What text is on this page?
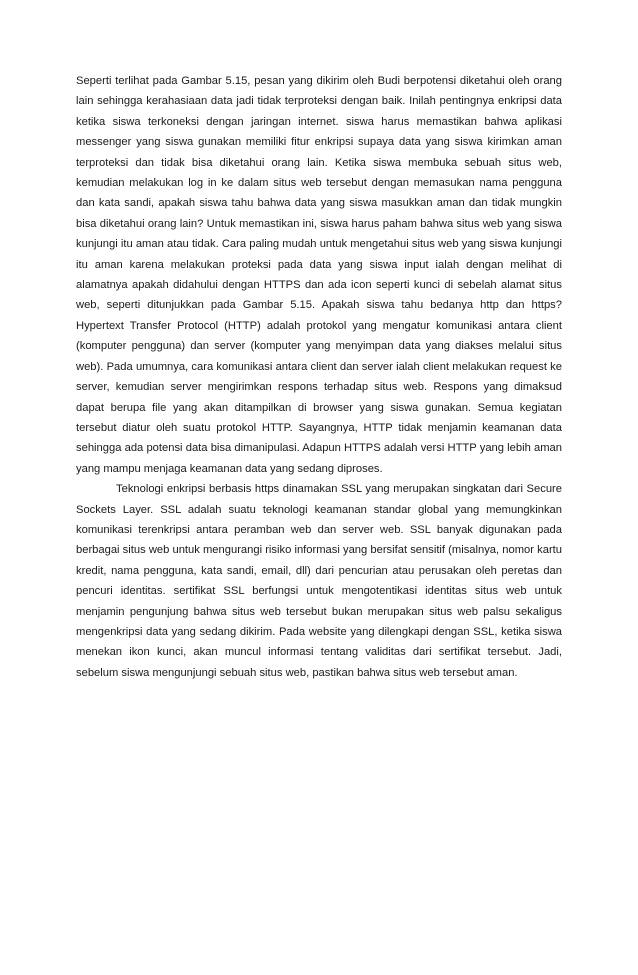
Seperti terlihat pada Gambar 5.15, pesan yang dikirim oleh Budi berpotensi diketahui oleh orang lain sehingga kerahasiaan data jadi tidak terproteksi dengan baik. Inilah pentingnya enkripsi data ketika siswa terkoneksi dengan jaringan internet. siswa harus memastikan bahwa aplikasi messenger yang siswa gunakan memiliki fitur enkripsi supaya data yang siswa kirimkan aman terproteksi dan tidak bisa diketahui orang lain. Ketika siswa membuka sebuah situs web, kemudian melakukan log in ke dalam situs web tersebut dengan memasukan nama pengguna dan kata sandi, apakah siswa tahu bahwa data yang siswa masukkan aman dan tidak mungkin bisa diketahui orang lain? Untuk memastikan ini, siswa harus paham bahwa situs web yang siswa kunjungi itu aman atau tidak. Cara paling mudah untuk mengetahui situs web yang siswa kunjungi itu aman karena melakukan proteksi pada data yang siswa input ialah dengan melihat di alamatnya apakah didahului dengan HTTPS dan ada icon seperti kunci di sebelah alamat situs web, seperti ditunjukkan pada Gambar 5.15. Apakah siswa tahu bedanya http dan https? Hypertext Transfer Protocol (HTTP) adalah protokol yang mengatur komunikasi antara client (komputer pengguna) dan server (komputer yang menyimpan data yang diakses melalui situs web). Pada umumnya, cara komunikasi antara client dan server ialah client melakukan request ke server, kemudian server mengirimkan respons terhadap situs web. Respons yang dimaksud dapat berupa file yang akan ditampilkan di browser yang siswa gunakan. Semua kegiatan tersebut diatur oleh suatu protokol HTTP. Sayangnya, HTTP tidak menjamin keamanan data sehingga ada potensi data bisa dimanipulasi. Adapun HTTPS adalah versi HTTP yang lebih aman yang mampu menjaga keamanan data yang sedang diproses.

Teknologi enkripsi berbasis https dinamakan SSL yang merupakan singkatan dari Secure Sockets Layer. SSL adalah suatu teknologi keamanan standar global yang memungkinkan komunikasi terenkripsi antara peramban web dan server web. SSL banyak digunakan pada berbagai situs web untuk mengurangi risiko informasi yang bersifat sensitif (misalnya, nomor kartu kredit, nama pengguna, kata sandi, email, dll) dari pencurian atau perusakan oleh peretas dan pencuri identitas. sertifikat SSL berfungsi untuk mengotentikasi identitas situs web untuk menjamin pengunjung bahwa situs web tersebut bukan merupakan situs web palsu sekaligus mengenkripsi data yang sedang dikirim. Pada website yang dilengkapi dengan SSL, ketika siswa menekan ikon kunci, akan muncul informasi tentang validitas dari sertifikat tersebut. Jadi, sebelum siswa mengunjungi sebuah situs web, pastikan bahwa situs web tersebut aman.
